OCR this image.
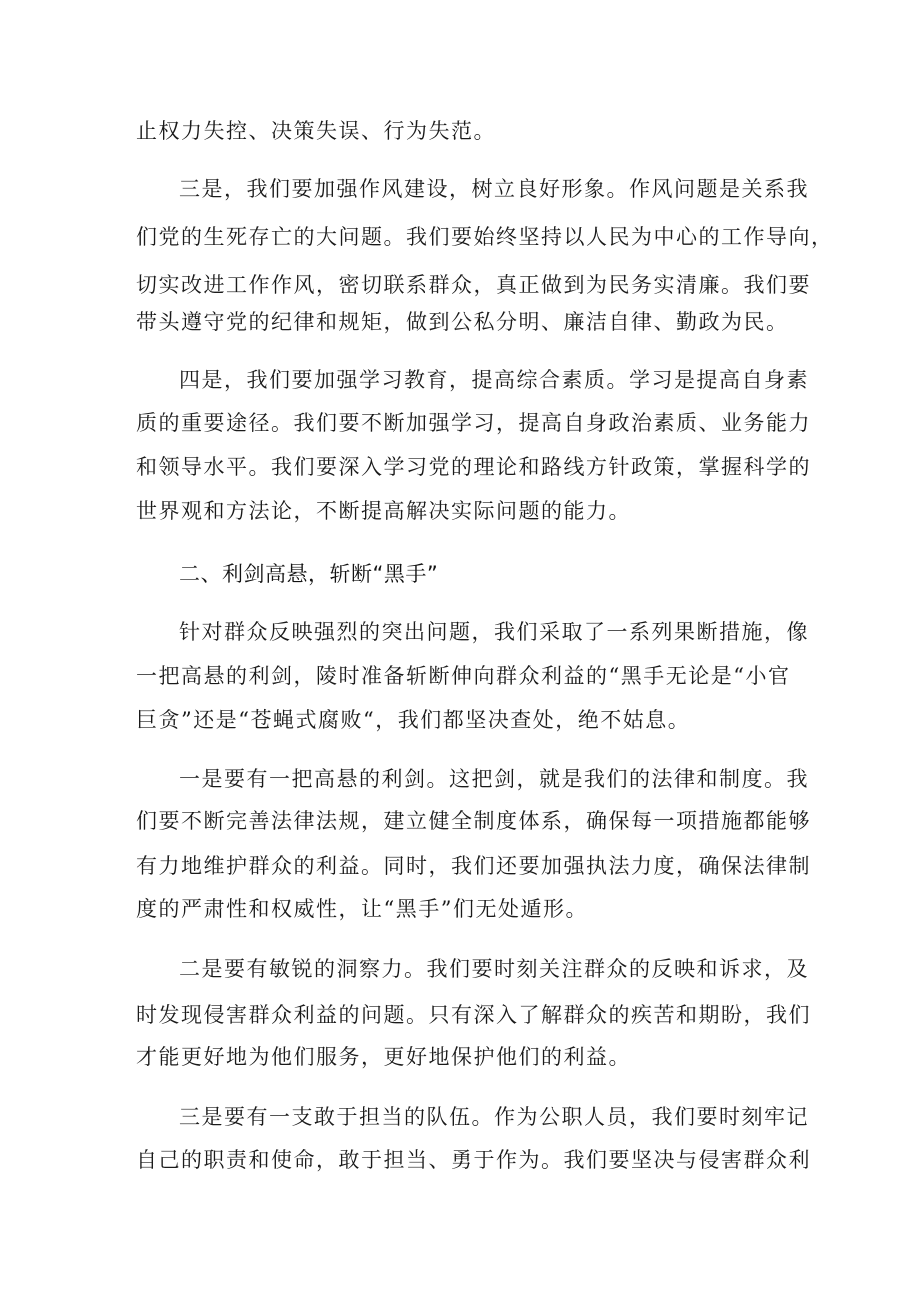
止权力失控、决策失误、行为失范。
三是，我们要加强作风建设，树立良好形象。作风问题是关系我
们党的生死存亡的大问题。我们要始终坚持以人民为中心的工作导向，
切实改进工作作风，密切联系群众，真正做到为民务实清廉。我们要
带头遵守党的纪律和规矩，做到公私分明、廉洁自律、勤政为民。
四是，我们要加强学习教育，提高综合素质。学习是提高自身素
质的重要途径。我们要不断加强学习，提高自身政治素质、业务能力
和领导水平。我们要深入学习党的理论和路线方针政策，掌握科学的
世界观和方法论，不断提高解决实际问题的能力。
二、利剑高悬，斩断“黑手”
针对群众反映强烈的突出问题，我们采取了一系列果断措施，像
一把高悬的利剑，陵时准备斩断伸向群众利益的“黑手无论是“小官
巨贪”还是“苍蝇式腐败“，我们都坚决查处，绝不姑息。
一是要有一把高悬的利剑。这把剑，就是我们的法律和制度。我
们要不断完善法律法规，建立健全制度体系，确保每一项措施都能够
有力地维护群众的利益。同时，我们还要加强执法力度，确保法律制
度的严肃性和权威性，让“黑手”们无处遁形。
二是要有敏锐的洞察力。我们要时刻关注群众的反映和诉求，及
时发现侵害群众利益的问题。只有深入了解群众的疾苦和期盼，我们
才能更好地为他们服务，更好地保护他们的利益。
三是要有一支敢于担当的队伍。作为公职人员，我们要时刻牢记
自己的职责和使命，敢于担当、勇于作为。我们要坚决与侵害群众利
